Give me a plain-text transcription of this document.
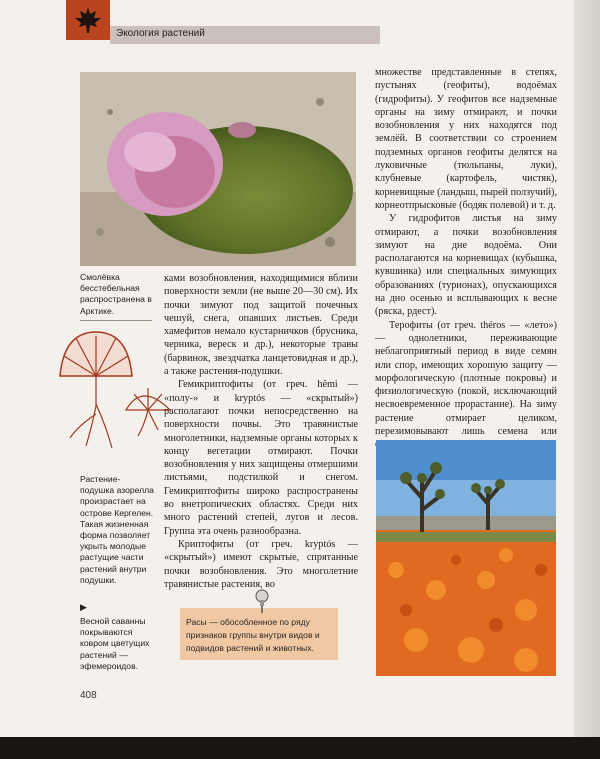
Экология растений
Смолёвка бесстебельная распространена в Арктике.
Растение-подушка азорелла произрастает на острове Кергелен. Такая жизненная форма позволяет укрыть молодые растущие части растений внутри подушки.
▶
Весной саванны покрываются ковром цветущих растений — эфемероидов.

ками возобновления, находящимися вблизи поверхности земли (не выше 20—30 см). Их почки зимуют под защитой почечных чешуй, снега, опавших листьев. Среди хамефитов немало кустарничков (брусника, черника, вереск и др.), некоторые травы (барвинок, звездчатка ланцетовидная и др.), а также растения-подушки.

Гемикриптофиты (от греч. hêmi — «полу-» и kryptós — «скрытый») располагают почки непосредственно на поверхности почвы. Это травянистые многолетники, надземные органы которых к концу вегетации отмирают. Почки возобновления у них защищены отмершими листьями, подстилкой и снегом. Гемикриптофиты широко распространены во внетропических областях. Среди них много растений степей, лугов и лесов. Группа эта очень разнообразна.

Криптофиты (от греч. kryptós — «скрытый») имеют скрытые, спрятанные почки возобновления. Это многолетние травянистые растения, во

множестве представленные в степях, пустынях (геофиты), водоёмах (гидрофиты). У геофитов все надземные органы на зиму отмирают, и почки возобновления у них находятся под землёй. В соответствии со строением подземных органов геофиты делятся на луковичные (тюльпаны, луки), клубневые (картофель, чистяк), корневищные (ландыш, пырей ползучий), корнеотпрысковые (бодяк полевой) и т. д.

У гидрофитов листья на зиму отмирают, а почки возобновления зимуют на дне водоёма. Они располагаются на корневищах (кубышка, кувшинка) или специальных зимующих образованиях (турионах), опускающихся на дно осенью и всплывающих к весне (ряска, рдест).

Терофиты (от греч. théros — «лето») — однолетники, переживающие неблагоприятный период в виде семян или спор, имеющих хорошую защиту — морфологическую (плотные покровы) и физиологическую (покой, исключающий несвоевременное прорастание). На зиму растение отмирает целиком, перезимовывают лишь семена или

Расы — обособленное по ряду признаков группы внутри видов и подвидов растений и животных.
408
